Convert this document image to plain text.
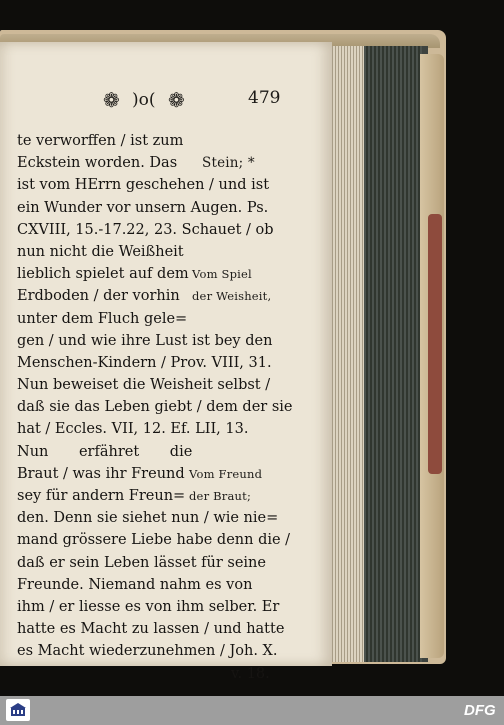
❁ )o( ❁	479
te verworffen / ist zum
Eckstein worden. Das Stein; *
ist vom HErrn geschehen / und ist
ein Wunder vor unsern Augen. Ps.
CXVIII, 15.-17.22, 23. Schauet / ob
nun nicht die Weißheit
lieblich spielet auf dem Vom Spiel
Erdboden / der vorhin der Weisheit,
unter dem Fluch gele=
gen / und wie ihre Lust ist bey den
Menschen-Kindern / Prov. VIII, 31.
Nun beweiset die Weisheit selbst /
daß sie das Leben giebt / dem der sie
hat / Eccles. VII, 12. Ef. LII, 13.
Nun erfähret die
Braut / was ihr Freund Vom Freund
sey für andern Freun= der Braut;
den. Denn sie siehet nun / wie nie=
mand grössere Liebe habe denn die /
daß er sein Leben lässet für seine
Freunde. Niemand nahm es von
ihm / er liesse es von ihm selber. Er
hatte es Macht zu lassen / und hatte
es Macht wiederzunehmen / Joh. X.
v. 18.
DFG
